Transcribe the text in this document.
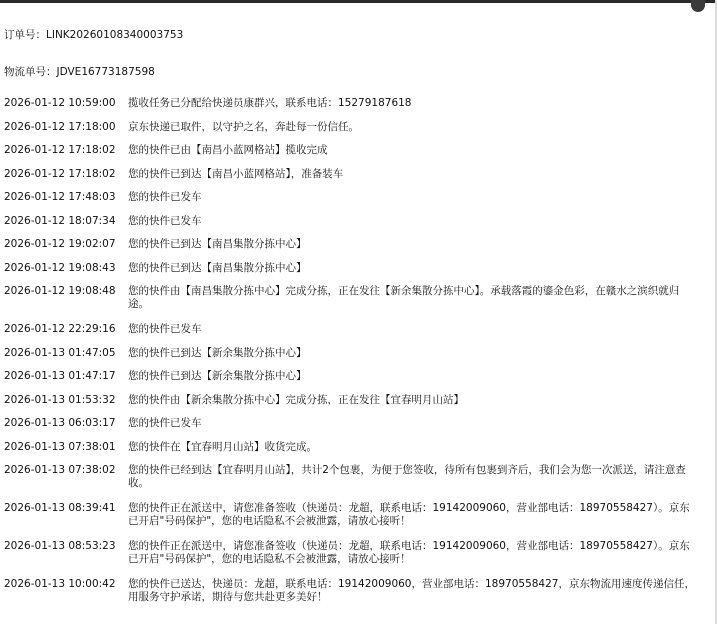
订单号：LINK20260108340003753
物流单号：JDVE16773187598
2026-01-12 10:59:00	揽收任务已分配给快递员康群兴，联系电话：15279187618
2026-01-12 17:18:00	京东快递已取件，以守护之名，奔赴每一份信任。
2026-01-12 17:18:02	您的快件已由【南昌小蓝网格站】揽收完成
2026-01-12 17:18:02	您的快件已到达【南昌小蓝网格站】，准备装车
2026-01-12 17:48:03	您的快件已发车
2026-01-12 18:07:34	您的快件已发车
2026-01-12 19:02:07	您的快件已到达【南昌集散分拣中心】
2026-01-12 19:08:43	您的快件已到达【南昌集散分拣中心】
2026-01-12 19:08:48	您的快件由【南昌集散分拣中心】完成分拣，正在发往【新余集散分拣中心】。承载落霞的鎏金色彩，在赣水之滨织就归途。
2026-01-12 22:29:16	您的快件已发车
2026-01-13 01:47:05	您的快件已到达【新余集散分拣中心】
2026-01-13 01:47:17	您的快件已到达【新余集散分拣中心】
2026-01-13 01:53:32	您的快件由【新余集散分拣中心】完成分拣，正在发往【宜春明月山站】
2026-01-13 06:03:17	您的快件已发车
2026-01-13 07:38:01	您的快件在【宜春明月山站】收货完成。
2026-01-13 07:38:02	您的快件已经到达【宜春明月山站】，共计2个包裹，为便于您签收，待所有包裹到齐后，我们会为您一次派送，请注意查收。
2026-01-13 08:39:41	您的快件正在派送中，请您准备签收（快递员：龙超，联系电话：19142009060，营业部电话：18970558427）。京东已开启"号码保护"，您的电话隐私不会被泄露，请放心接听！
2026-01-13 08:53:23	您的快件正在派送中，请您准备签收（快递员：龙超，联系电话：19142009060，营业部电话：18970558427）。京东已开启"号码保护"，您的电话隐私不会被泄露，请放心接听！
2026-01-13 10:00:42	您的快件已送达，快递员：龙超，联系电话：19142009060，营业部电话：18970558427，京东物流用速度传递信任，用服务守护承诺，期待与您共赴更多美好！
